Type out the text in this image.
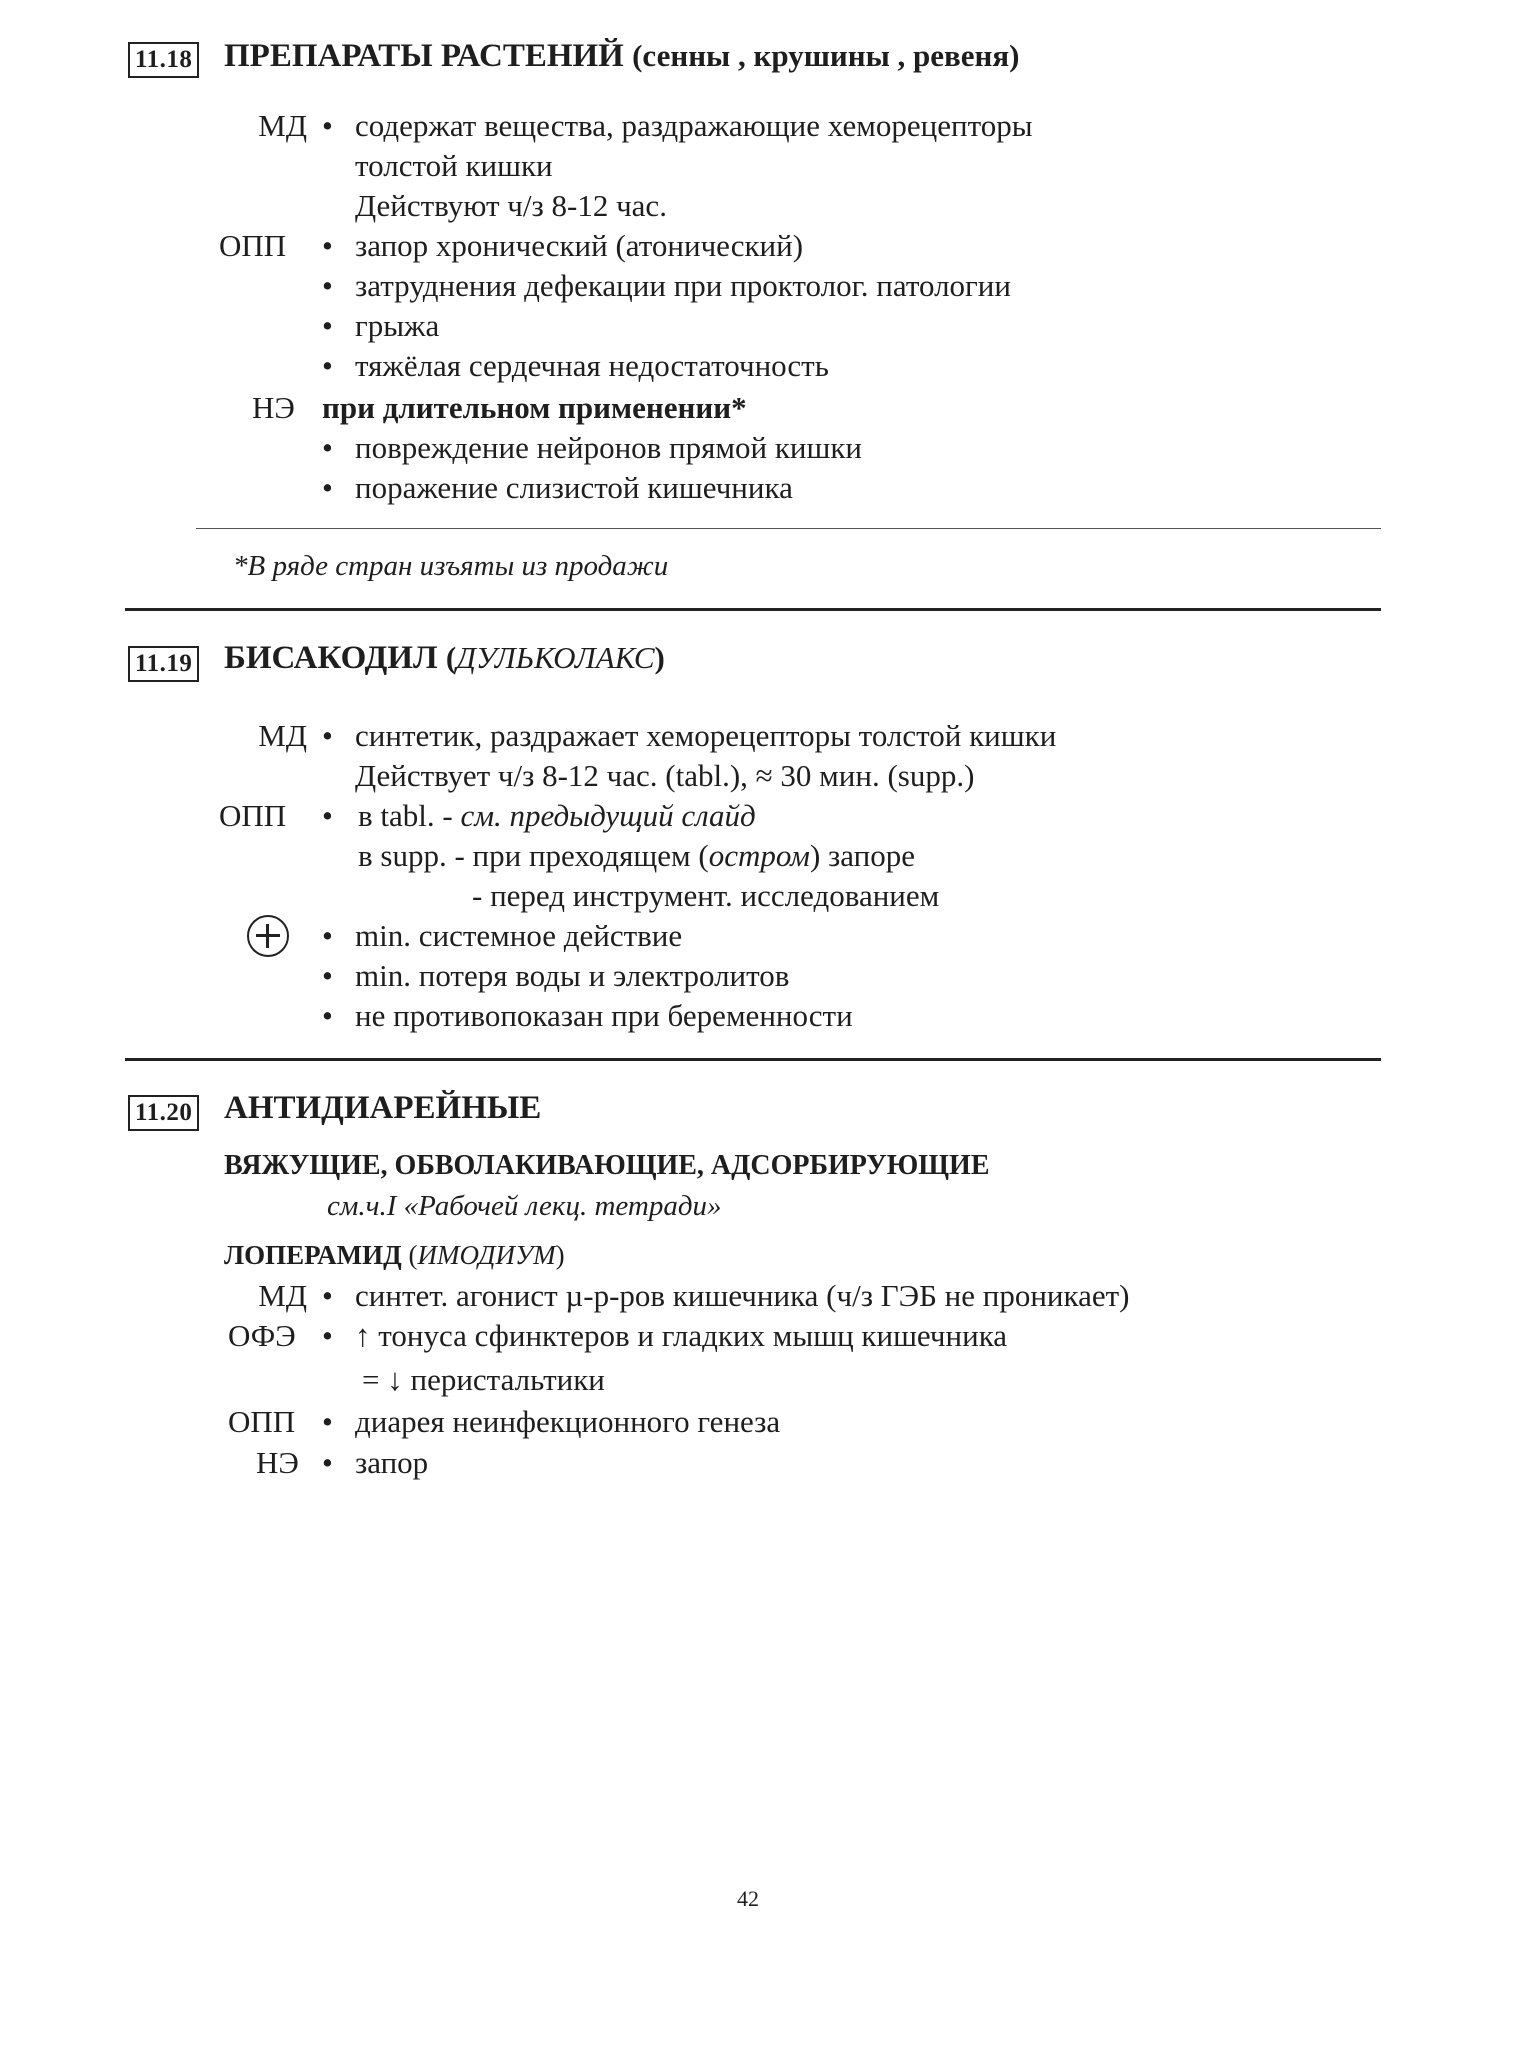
11.18 ПРЕПАРАТЫ РАСТЕНИЙ (сенны , крушины , ревеня)
МД • содержат вещества, раздражающие хеморецепторы
толстой кишки
Действуют ч/з 8-12 час.
ОПП	• запор хронический (атонический)
• затруднения дефекации при проктолог. патологии
• грыжа
• тяжёлая сердечная недостаточность
НЭ при длительном применении*
• повреждение нейронов прямой кишки
• поражение слизистой кишечника
*В ряде стран изъяты из продажи
11.19 БИСАКОДИЛ (ДУЛЬКОЛАКС)
МД • синтетик, раздражает хеморецепторы толстой кишки
Действует ч/з 8-12 час. (tabl.), ≈ 30 мин. (supp.)
ОПП	• в tabl. - см. предыдущий слайд
в supp. - при преходящем (остром) запоре
- перед инструмент. исследованием
• min. системное действие
• min. потеря воды и электролитов
• не противопоказан при беременности
11.20 АНТИДИАРЕЙНЫЕ
ВЯЖУЩИЕ, ОБВОЛАКИВАЮЩИЕ, АДСОРБИРУЮЩИЕ
см.ч.I «Рабочей лекц. тетради»
ЛОПЕРАМИД (ИМОДИУМ)
МД • синтет. агонист µ-р-ров кишечника (ч/з ГЭБ не проникает)
ОФЭ • ↑ тонуса сфинктеров и гладких мышц кишечника
= ↓ перистальтики
ОПП • диарея неинфекционного генеза
НЭ • запор
42
